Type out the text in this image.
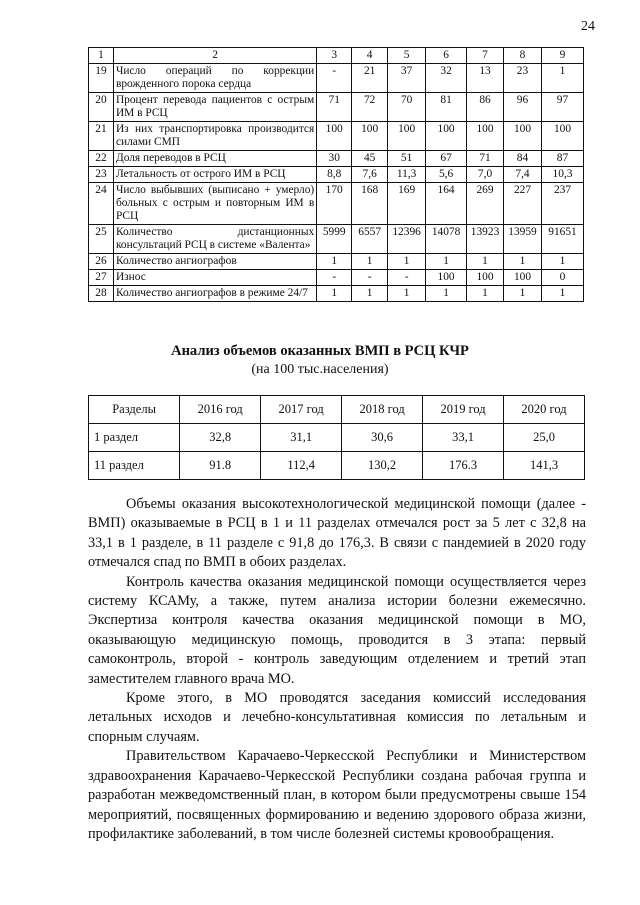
24
1	2	3	4	5	6	7	8	9
19	Число операций по коррекции врожденного порока сердца	-	21	37	32	13	23	1
20	Процент перевода пациентов с острым ИМ в РСЦ	71	72	70	81	86	96	97
21	Из них транспортировка производится силами СМП	100	100	100	100	100	100	100
22	Доля переводов в РСЦ	30	45	51	67	71	84	87
23	Летальность от острого ИМ в РСЦ	8,8	7,6	11,3	5,6	7,0	7,4	10,3
24	Число выбывших (выписано + умерло) больных с острым и повторным ИМ в РСЦ	170	168	169	164	269	227	237
25	Количество дистанционных консультаций РСЦ в системе «Валента»	5999	6557	12396	14078	13923	13959	91651
26	Количество ангиографов	1	1	1	1	1	1	1
27	Износ	-	-	-	100	100	100	0
28	Количество ангиографов в режиме 24/7	1	1	1	1	1	1	1
Анализ объемов оказанных ВМП в РСЦ КЧР
(на 100 тыс.населения)
Разделы	2016 год	2017 год	2018 год	2019 год	2020 год
1 раздел	32,8	31,1	30,6	33,1	25,0
11 раздел	91.8	112,4	130,2	176.3	141,3

Объемы оказания высокотехнологической медицинской помощи (далее - ВМП) оказываемые в РСЦ в 1 и 11 разделах отмечался рост за 5 лет с 32,8 на 33,1 в 1 разделе, в 11 разделе с 91,8 до 176,3. В связи с пандемией в 2020 году отмечался спад по ВМП в обоих разделах.

Контроль качества оказания медицинской помощи осуществляется через систему КСАМу, а также, путем анализа истории болезни ежемесячно. Экспертиза контроля качества оказания медицинской помощи в МО, оказывающую медицинскую помощь, проводится в 3 этапа: первый самоконтроль, второй - контроль заведующим отделением и третий этап заместителем главного врача МО.

Кроме этого, в МО проводятся заседания комиссий исследования летальных исходов и лечебно-консультативная комиссия по летальным и спорным случаям.

Правительством Карачаево-Черкесской Республики и Министерством здравоохранения Карачаево-Черкесской Республики создана рабочая группа и разработан межведомственный план, в котором были предусмотрены свыше 154 мероприятий, посвященных формированию и ведению здорового образа жизни, профилактике заболеваний, в том числе болезней системы кровообращения.
